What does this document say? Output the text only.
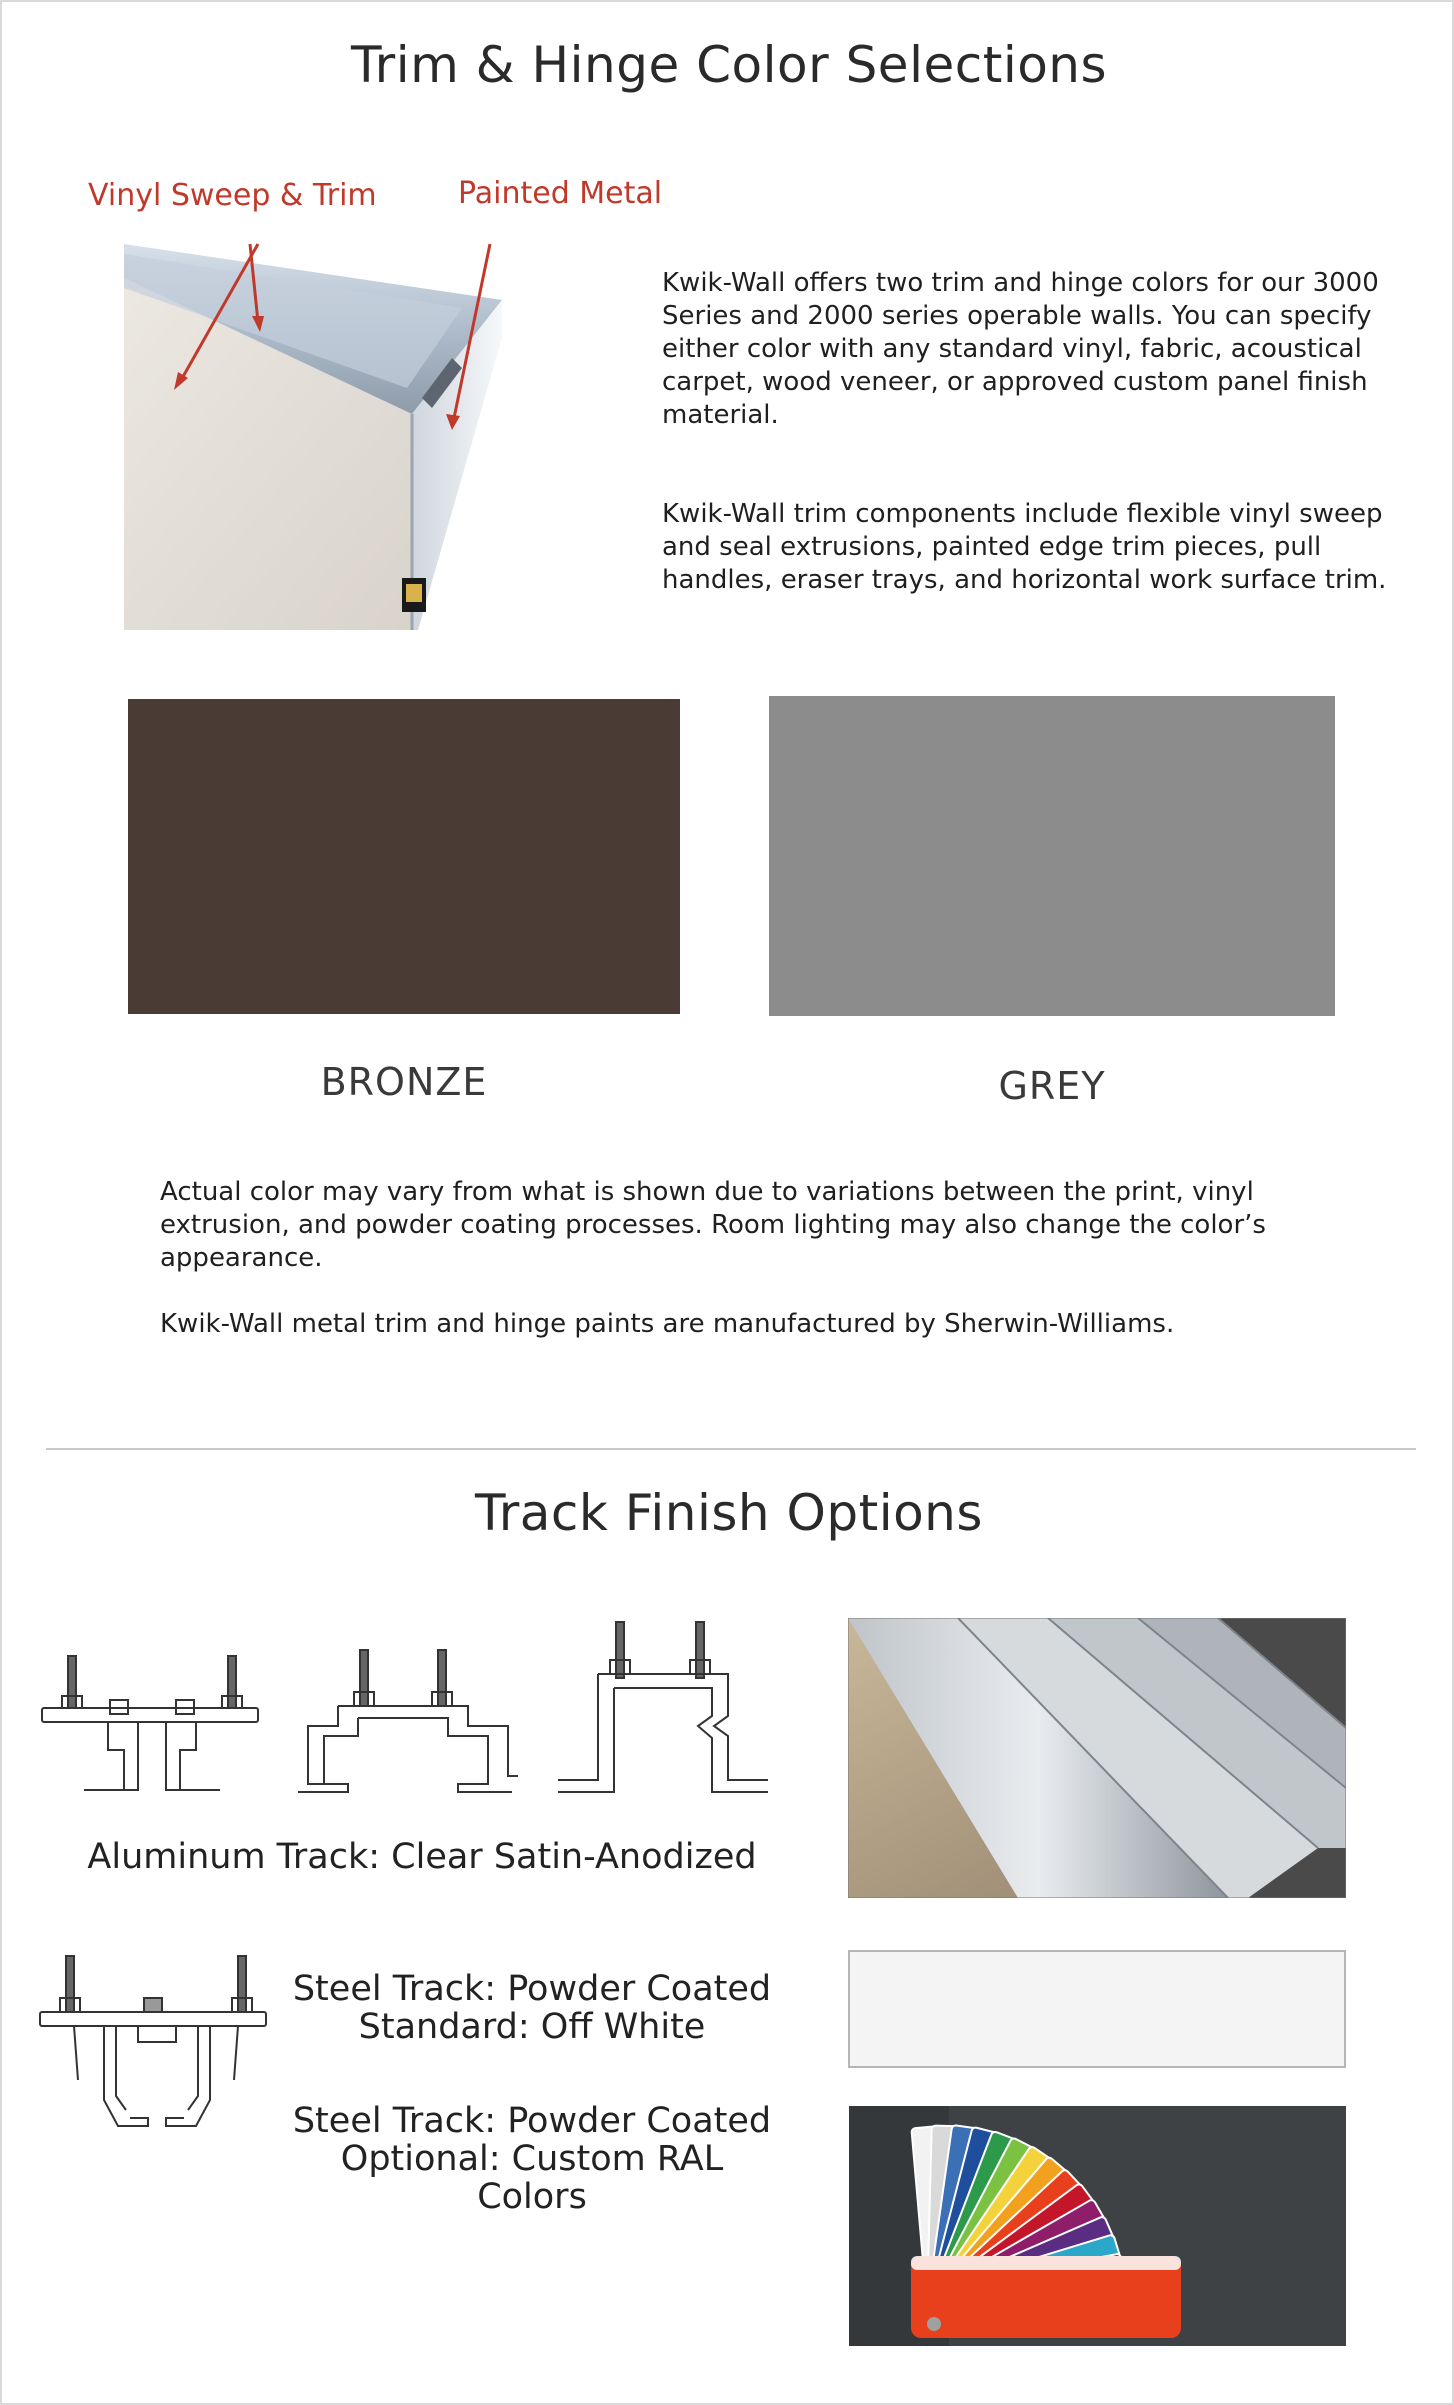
Trim & Hinge Color Selections
Vinyl Sweep & Trim	Painted Metal
Kwik-Wall offers two trim and hinge colors for our 3000 Series and 2000 series operable walls. You can specify either color with any standard vinyl, fabric, acoustical carpet, wood veneer, or approved custom panel finish material.
Kwik-Wall trim components include flexible vinyl sweep and seal extrusions, painted edge trim pieces, pull handles, eraser trays, and horizontal work surface trim.
BRONZE	GREY
Actual color may vary from what is shown due to variations between the print, vinyl extrusion, and powder coating processes. Room lighting may also change the color’s appearance.
Kwik-Wall metal trim and hinge paints are manufactured by Sherwin-Williams.
Track Finish Options
Aluminum Track: Clear Satin-Anodized
Steel Track: Powder Coated
Standard: Off White
Steel Track: Powder Coated
Optional: Custom RAL Colors
